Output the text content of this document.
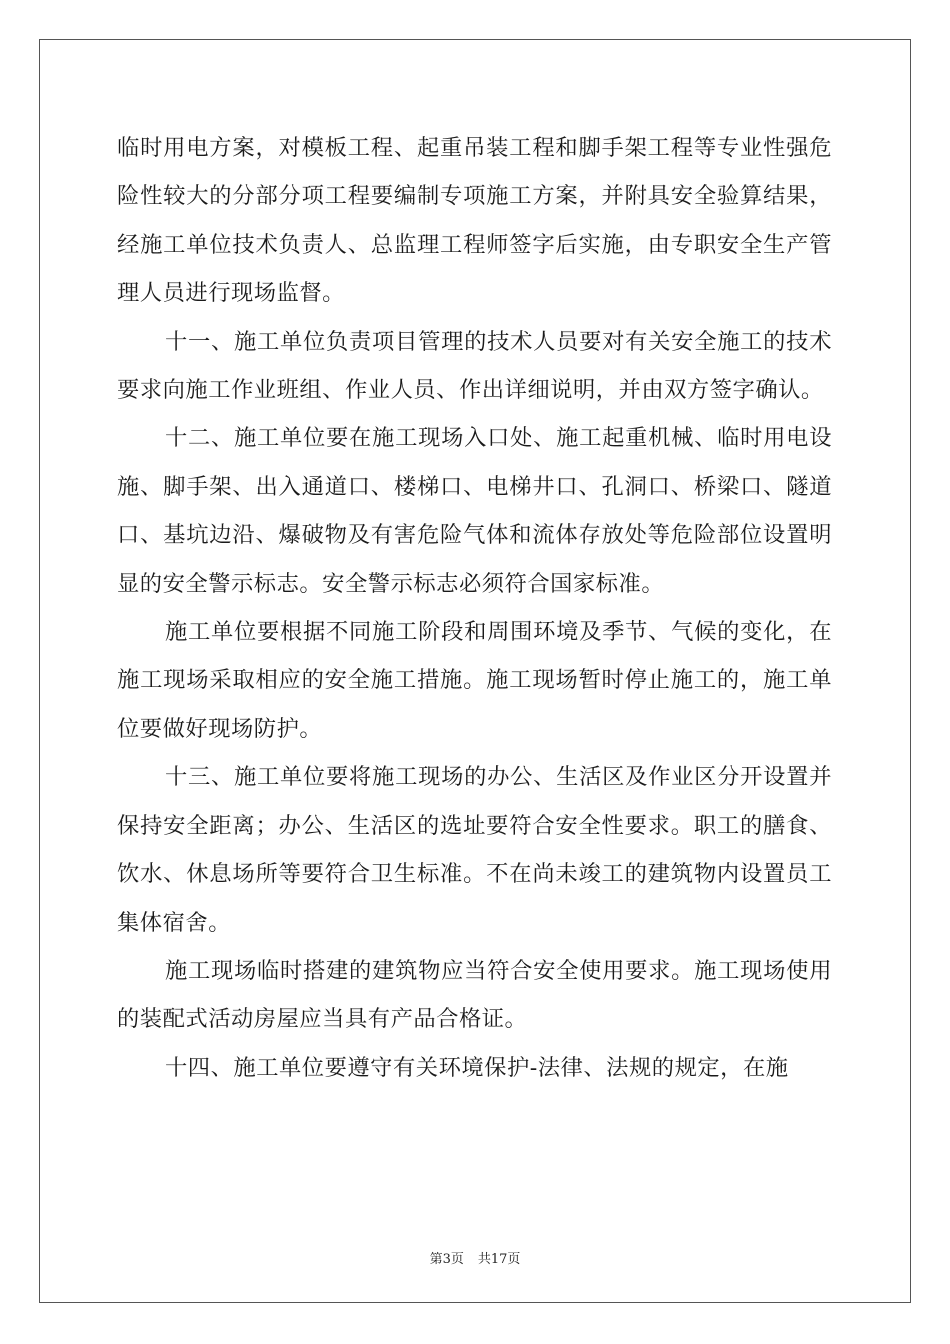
临时用电方案，对模板工程、起重吊装工程和脚手架工程等专业性强危险性较大的分部分项工程要编制专项施工方案，并附具安全验算结果，经施工单位技术负责人、总监理工程师签字后实施，由专职安全生产管理人员进行现场监督。

十一、施工单位负责项目管理的技术人员要对有关安全施工的技术要求向施工作业班组、作业人员、作出详细说明，并由双方签字确认。

十二、施工单位要在施工现场入口处、施工起重机械、临时用电设施、脚手架、出入通道口、楼梯口、电梯井口、孔洞口、桥梁口、隧道口、基坑边沿、爆破物及有害危险气体和流体存放处等危险部位设置明显的安全警示标志。安全警示标志必须符合国家标准。

施工单位要根据不同施工阶段和周围环境及季节、气候的变化，在施工现场采取相应的安全施工措施。施工现场暂时停止施工的，施工单位要做好现场防护。

十三、施工单位要将施工现场的办公、生活区及作业区分开设置并保持安全距离；办公、生活区的选址要符合安全性要求。职工的膳食、饮水、休息场所等要符合卫生标准。不在尚未竣工的建筑物内设置员工集体宿舍。

施工现场临时搭建的建筑物应当符合安全使用要求。施工现场使用的装配式活动房屋应当具有产品合格证。

十四、施工单位要遵守有关环境保护-法律、法规的规定，在施

第3页 共17页
